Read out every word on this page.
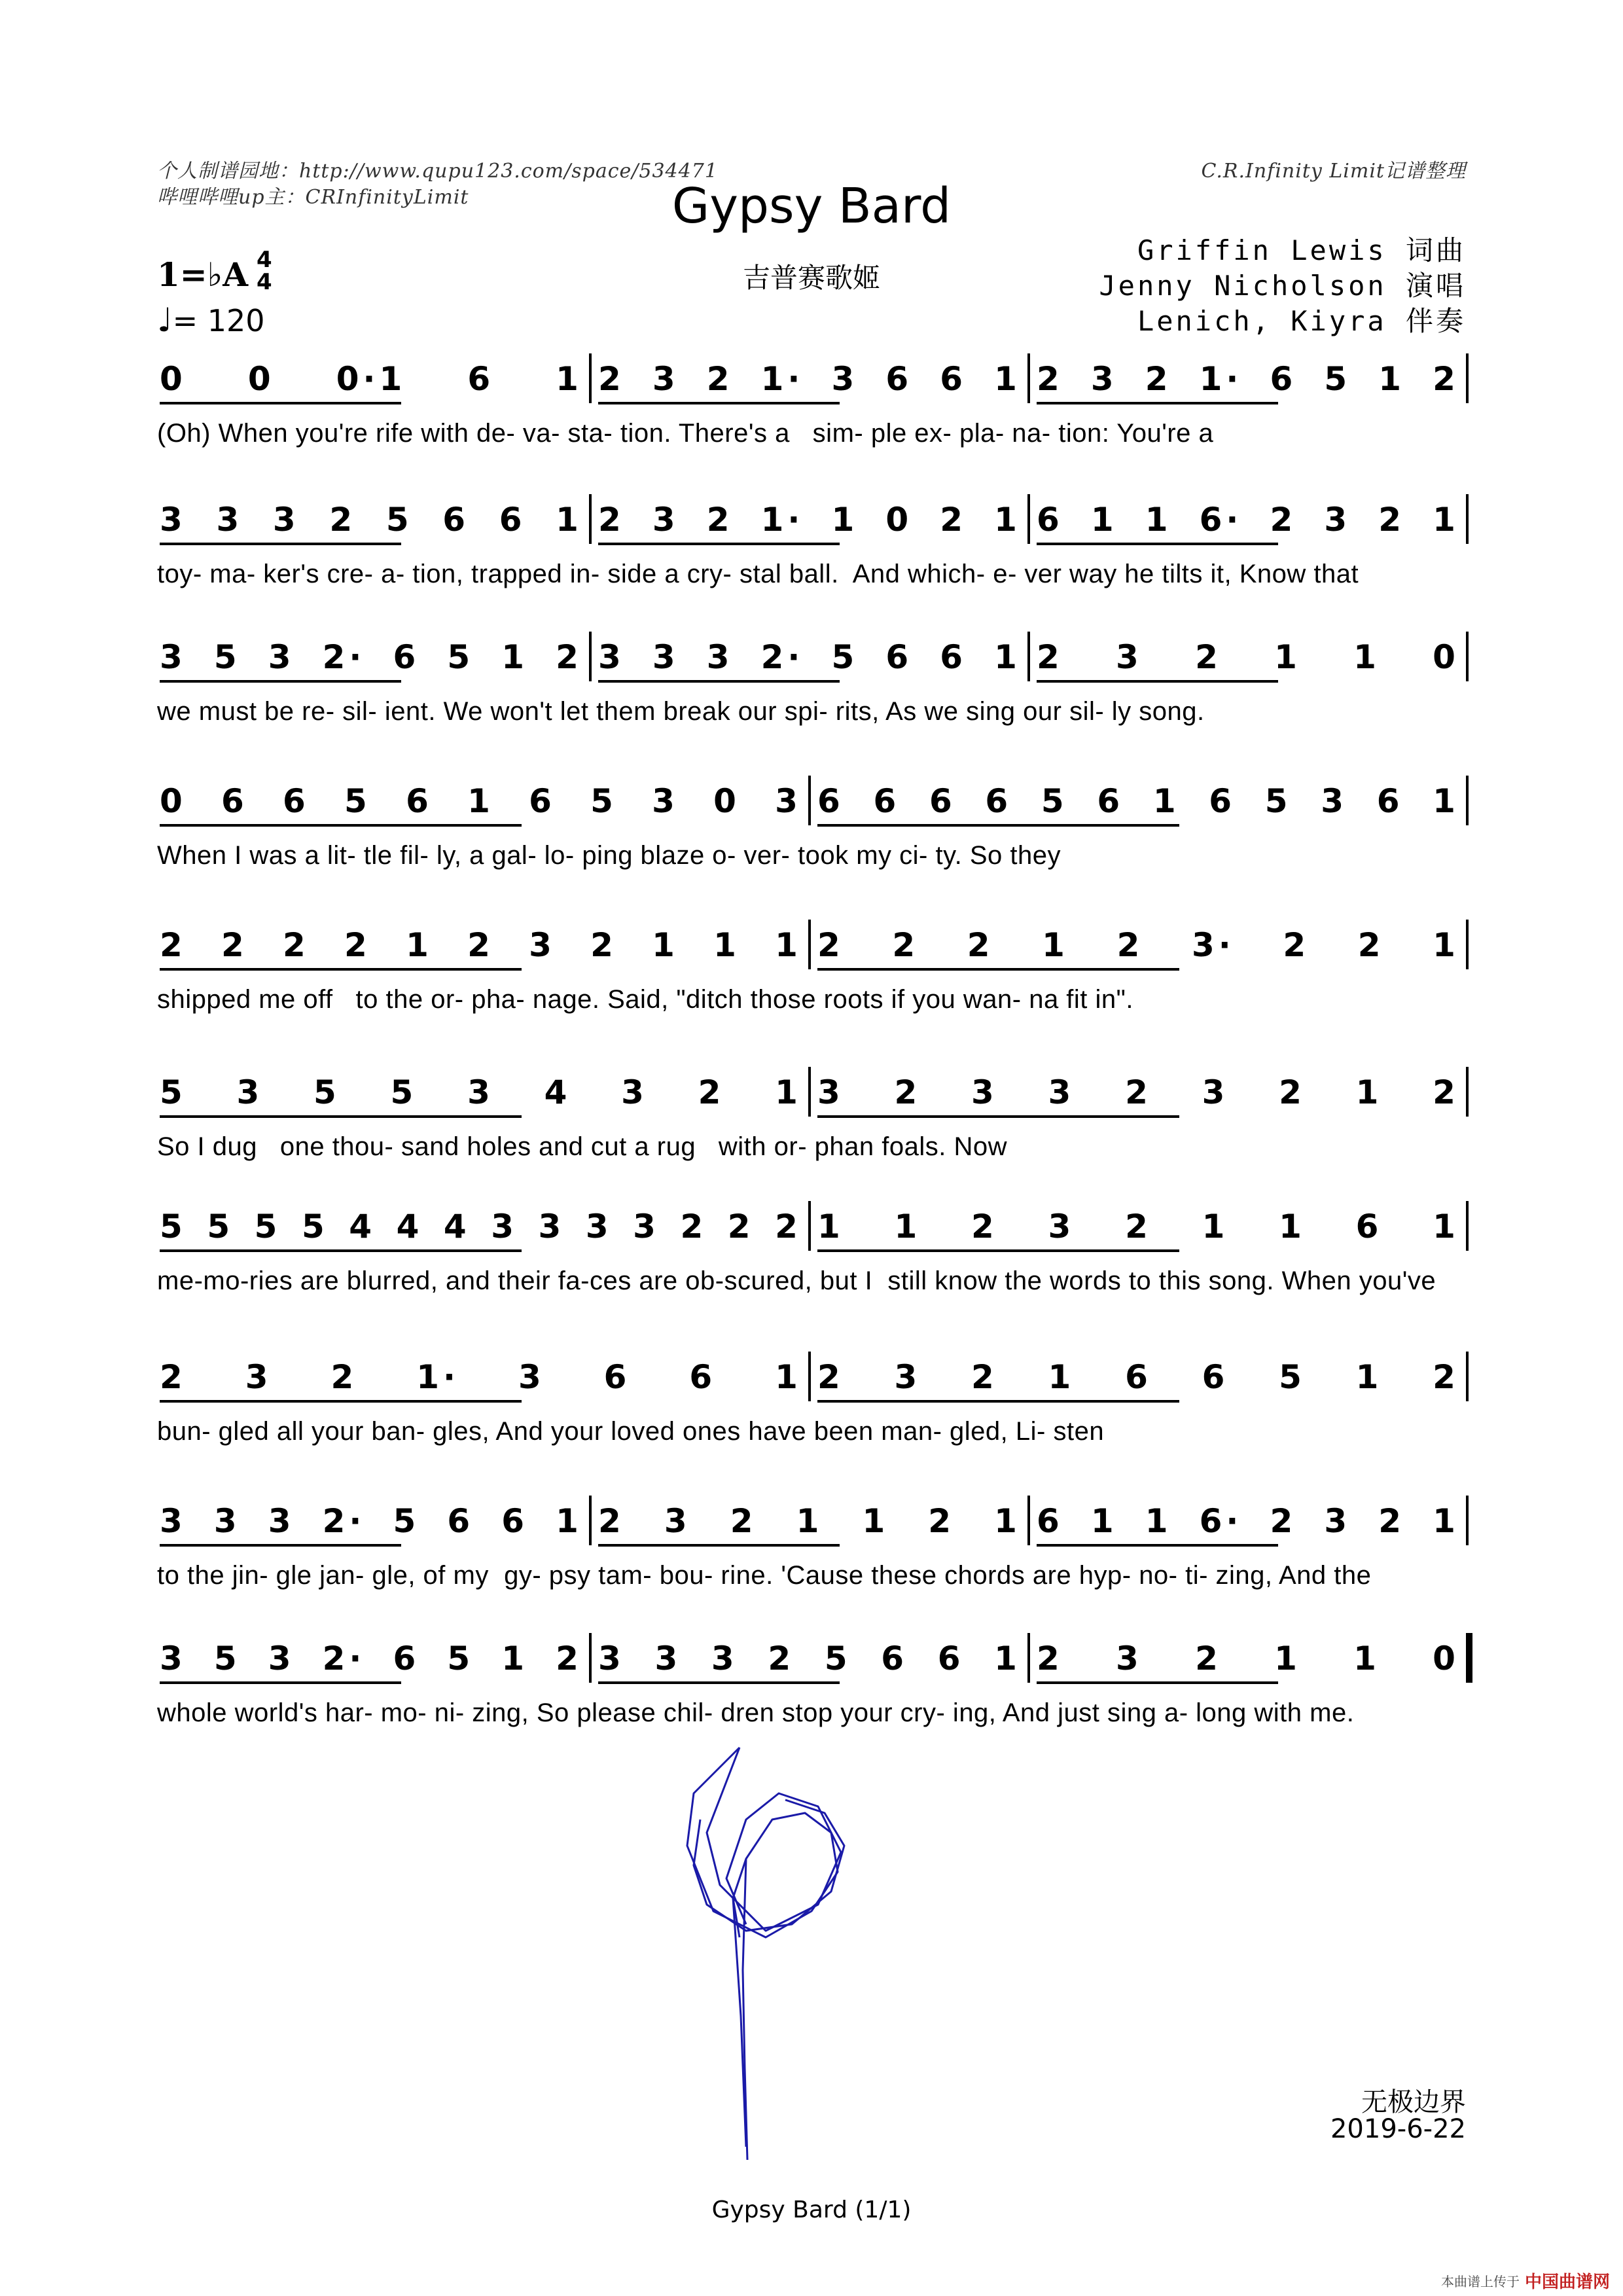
个人制谱园地：http://www.qupu123.com/space/534471
哔哩哔哩up主：CRInfinityLimit
C.R.Infinity Limit记谱整理
Gypsy Bard
吉普赛歌姬
1=♭A 4
4
♩= 120
Griffin Lewis 词曲
Jenny Nicholson 演唱
Lenich, Kiyra 伴奏
0 0 0·1 6 1 2 3 2 1· 3 6 6 1 2 3 2 1· 6 5 1 2
(Oh) When you're rife with de- va- sta- tion. There's a   sim- ple ex- pla- na- tion: You're a
3 3 3 2 5 6 6 1 2 3 2 1· 1 0 2 1 6 1 1 6· 2 3 2 1
toy- ma- ker's cre- a- tion, trapped in- side a cry- stal ball.  And which- e- ver way he tilts it, Know that
3 5 3 2· 6 5 1 2 3 3 3 2· 5 6 6 1 2 3 2 1 1 0
we must be re- sil- ient. We won't let them break our spi- rits, As we sing our sil- ly song.
0 6 6 5 6 1 6 5 3 0 3 6 6 6 6 5 6 1 6 5 3 6 1
When I was a lit- tle fil- ly, a gal- lo- ping blaze o- ver- took my ci- ty. So they
2 2 2 2 1 2 3 2 1 1 1 2 2 2 1 2 3· 2 2 1
shipped me off   to the or- pha- nage. Said, "ditch those roots if you wan- na fit in".
5 3 5 5 3 4 3 2 1 3 2 3 3 2 3 2 1 2
So I dug   one thou- sand holes and cut a rug   with or- phan foals. Now
5 5 5 5 4 4 4 3 3 3 3 2 2 2 1 1 2 3 2 1 1 6 1
me-mo-ries are blurred, and their fa-ces are ob-scured, but I  still know the words to this song. When you've
2 3 2 1· 3 6 6 1 2 3 2 1 6 6 5 1 2
bun- gled all your ban- gles, And your loved ones have been man- gled, Li- sten
3 3 3 2· 5 6 6 1 2 3 2 1 1 2 1 6 1 1 6· 2 3 2 1
to the jin- gle jan- gle, of my  gy- psy tam- bou- rine. 'Cause these chords are hyp- no- ti- zing, And the
3 5 3 2· 6 5 1 2 3 3 3 2 5 6 6 1 2 3 2 1 1 0
whole world's har- mo- ni- zing, So please chil- dren stop your cry- ing, And just sing a- long with me.
无极边界
2019-6-22
Gypsy Bard (1/1)
本曲谱上传于 中国曲谱网
